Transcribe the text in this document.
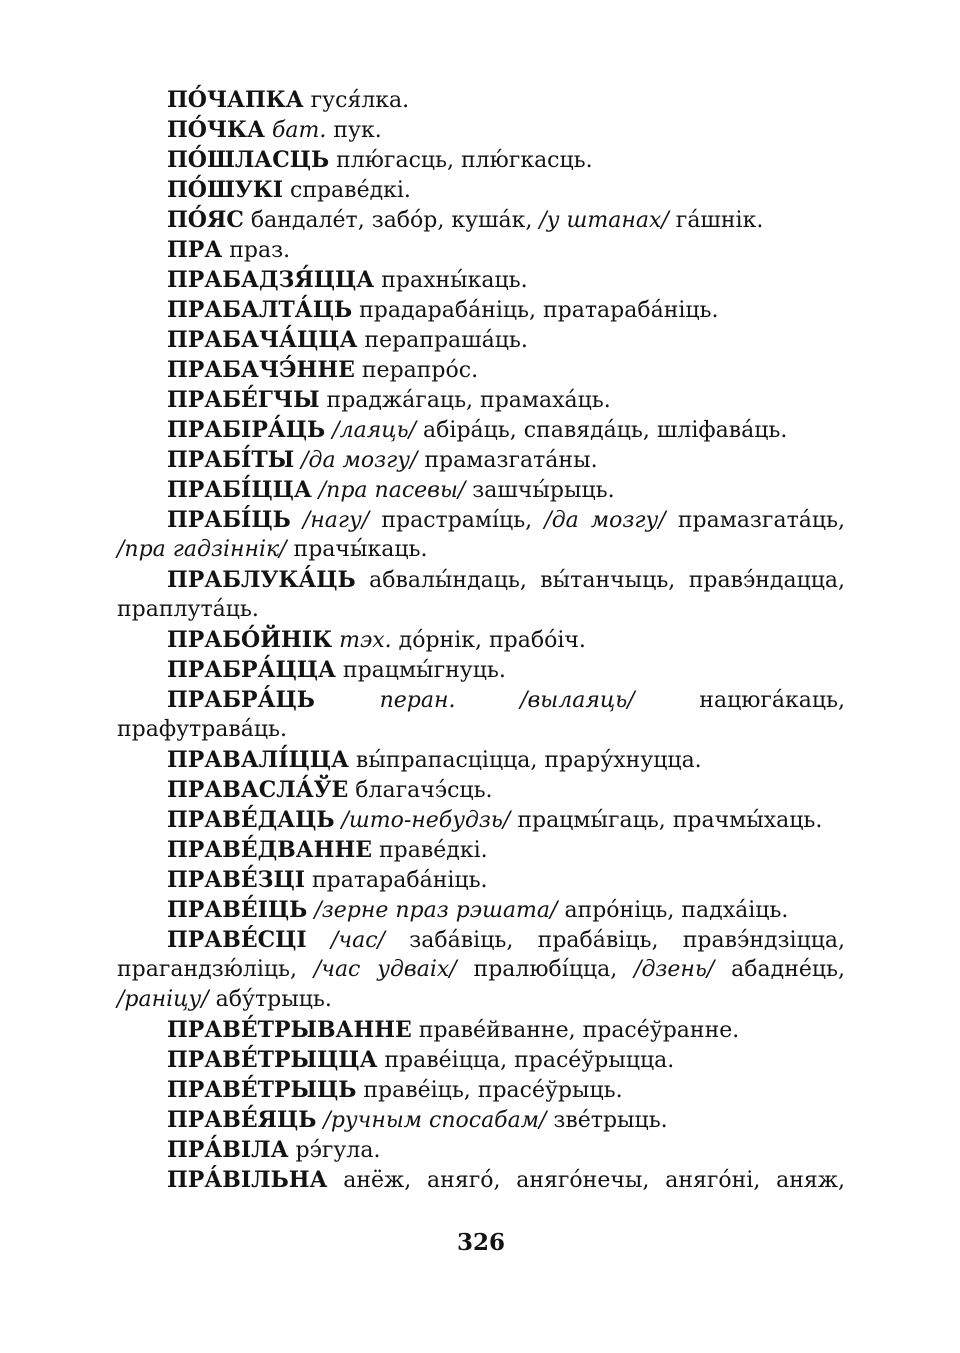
ПО́ЧАПКА гуся́лка.
ПО́ЧКА бат. пук.
ПО́ШЛАСЦЬ плю́гасць, плю́гкасць.
ПО́ШУКІ справе́дкі.
ПО́ЯС бандале́т, забо́р, куша́к, /у штанах/ га́шнік.
ПРА праз.
ПРАБАДЗЯ́ЦЦА прахны́каць.
ПРАБАЛТА́ЦЬ прадараба́ніць, пратараба́ніць.
ПРАБАЧА́ЦЦА перапраша́ць.
ПРАБАЧЭ́ННЕ перапро́с.
ПРАБЕ́ГЧЫ праджа́гаць, прамаха́ць.
ПРАБІРА́ЦЬ /лаяць/ абіра́ць, спавяда́ць, шліфава́ць.
ПРАБІ́ТЫ /да мозгу/ прамазгата́ны.
ПРАБІ́ЦЦА /пра пасевы/ зашчы́рыць.
ПРАБІ́ЦЬ /нагу/ прастрамі́ць, /да мозгу/ прамазгата́ць,
/пра гадзіннік/ прачы́каць.
ПРАБЛУКА́ЦЬ абвалы́ндаць, вы́танчыць, правэ́ндацца,
праплута́ць.
ПРАБО́ЙНІК тэх. до́рнік, прабо́іч.
ПРАБРА́ЦЦА працмы́гнуць.
ПРАБРА́ЦЬ	перан.	/вылаяць/ нацюга́каць,
прафутрава́ць.
ПРАВАЛІ́ЦЦА вы́прапасціцца, прару́хнуцца.
ПРАВАСЛА́ЎЕ благачэ́сць.
ПРАВЕ́ДАЦЬ /што-небудзь/ працмы́гаць, прачмы́хаць.
ПРАВЕ́ДВАННЕ праве́дкі.
ПРАВЕ́ЗЦІ пратараба́ніць.
ПРАВЕ́ІЦЬ /зерне праз рэшата/ апро́ніць, падха́іць.
ПРАВЕ́СЦІ /час/ заба́віць, праба́віць, правэ́ндзіцца,
прагандзю́ліць, /час удваіх/ пралюбі́цца, /дзень/ абадне́ць,
/раніцу/ абу́трыць.
ПРАВЕ́ТРЫВАННЕ праве́йванне, прасе́ўранне.
ПРАВЕ́ТРЫЦЦА праве́іцца, прасе́ўрыцца.
ПРАВЕ́ТРЫЦЬ праве́іць, прасе́ўрыць.
ПРАВЕ́ЯЦЬ /ручным спосабам/ зве́трыць.
ПРА́ВІЛА рэ́гула.
ПРА́ВІЛЬНА анёж, аняго́, аняго́нечы, аняго́ні, аняж,
326
